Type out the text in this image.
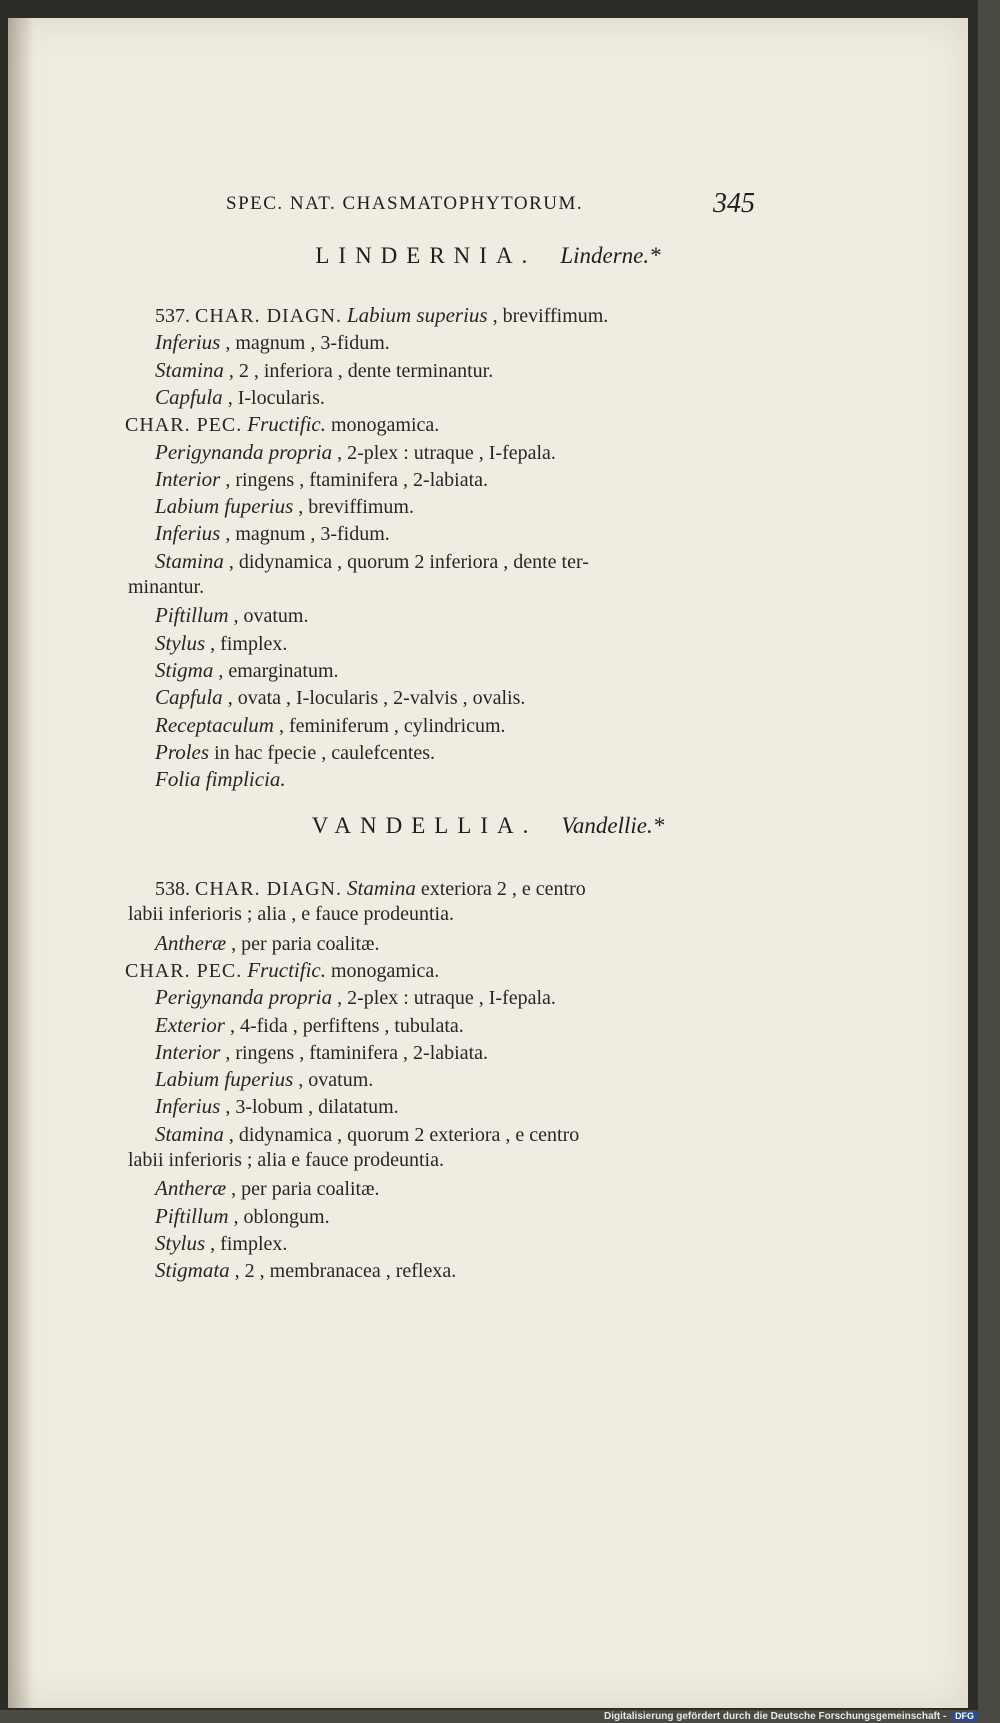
SPEC. NAT. CHASMATOPHYTORUM.	345
LINDERNIA. Linderne.*
537. CHAR. DIAGN. Labium superius , breviffimum.
Inferius , magnum , 3-fidum.
Stamina , 2 , inferiora , dente terminantur.
Capfula , I-locularis.
CHAR. PEC. Fructific. monogamica.
Perigynanda propria , 2-plex : utraque , I-fepala.
Interior , ringens , ftaminifera , 2-labiata.
Labium fuperius , breviffimum.
Inferius , magnum , 3-fidum.
Stamina , didynamica , quorum 2 inferiora , dente ter-
minantur.
Piftillum , ovatum.
Stylus , fimplex.
Stigma , emarginatum.
Capfula , ovata , I-locularis , 2-valvis , ovalis.
Receptaculum , feminiferum , cylindricum.
Proles in hac fpecie , caulefcentes.
Folia fimplicia.
VANDELLIA. Vandellie.*
538. CHAR. DIAGN. Stamina exteriora 2 , e centro
labii inferioris ; alia , e fauce prodeuntia.
Antheræ , per paria coalitæ.
CHAR. PEC. Fructific. monogamica.
Perigynanda propria , 2-plex : utraque , I-fepala.
Exterior , 4-fida , perfiftens , tubulata.
Interior , ringens , ftaminifera , 2-labiata.
Labium fuperius , ovatum.
Inferius , 3-lobum , dilatatum.
Stamina , didynamica , quorum 2 exteriora , e centro
labii inferioris ; alia e fauce prodeuntia.
Antheræ , per paria coalitæ.
Piftillum , oblongum.
Stylus , fimplex.
Stigmata , 2 , membranacea , reflexa.
Digitalisierung gefördert durch die Deutsche Forschungsgemeinschaft - DFG
